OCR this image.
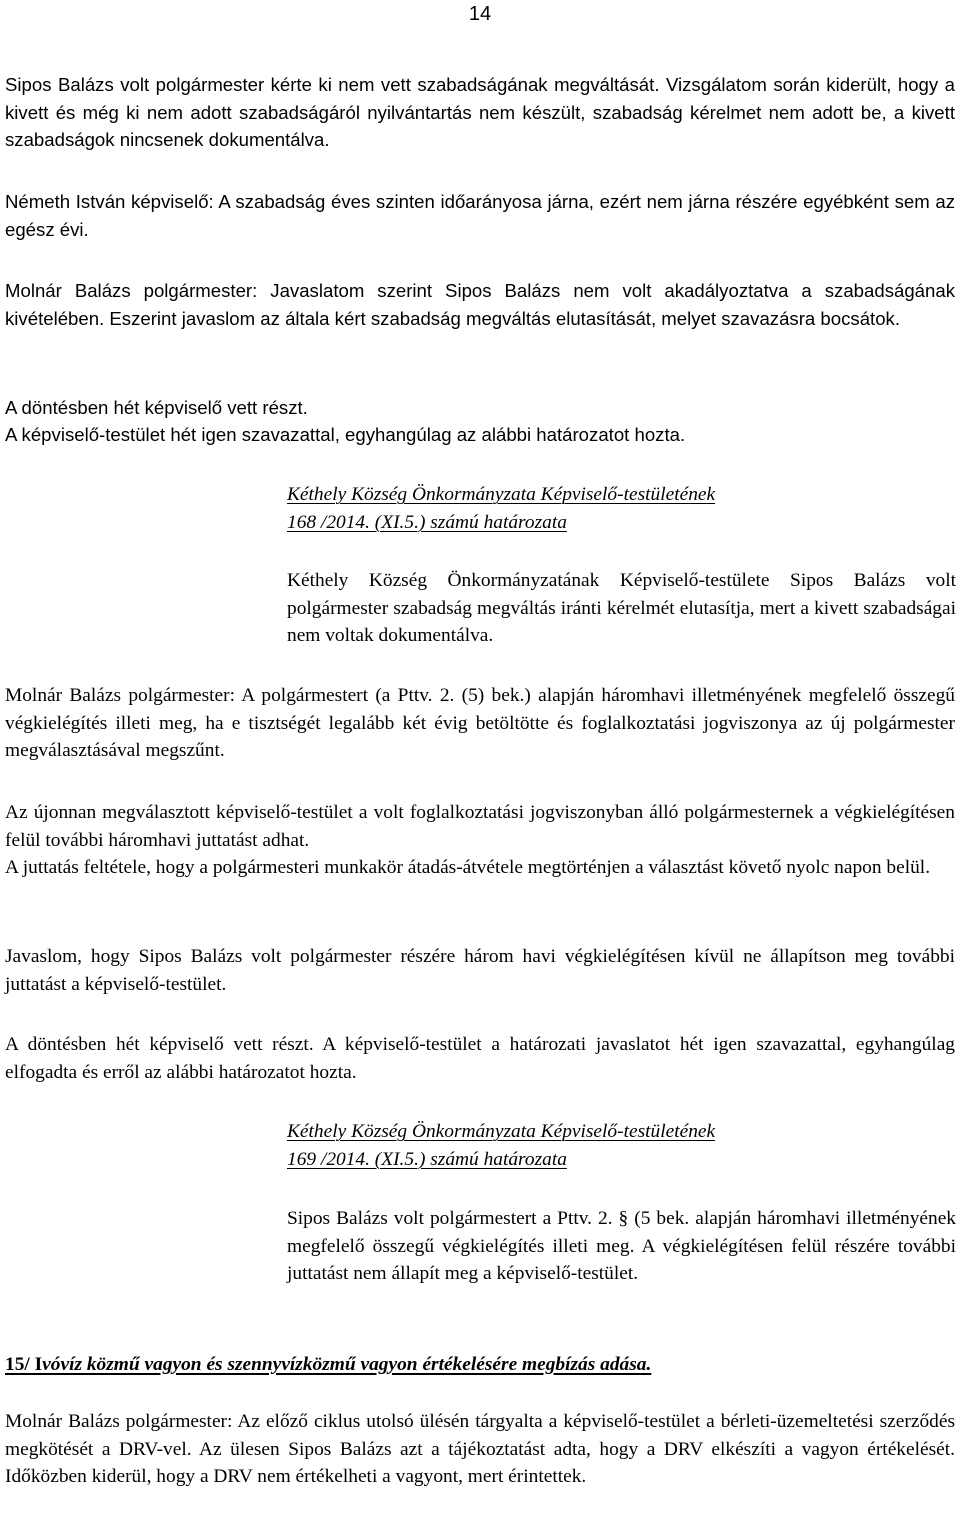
14

Sipos Balázs volt polgármester kérte ki nem vett szabadságának megváltását. Vizsgálatom során kiderült, hogy a kivett és még ki nem adott szabadságáról nyilvántartás nem készült, szabadság kérelmet nem adott be, a kivett szabadságok nincsenek dokumentálva.

Németh István képviselő: A szabadság éves szinten időarányosa járna, ezért nem járna részére egyébként sem az egész évi.

Molnár Balázs polgármester: Javaslatom szerint Sipos Balázs nem volt akadályoztatva a szabadságának kivételében. Eszerint javaslom az általa kért szabadság megváltás elutasítását, melyet szavazásra bocsátok.

A döntésben hét képviselő vett részt.

A képviselő-testület hét igen szavazattal, egyhangúlag az alábbi határozatot hozta.

Kéthely Község Önkormányzata Képviselő-testületének
168 /2014. (XI.5.) számú határozata

Kéthely Község Önkormányzatának Képviselő-testülete Sipos Balázs volt polgármester szabadság megváltás iránti kérelmét elutasítja, mert a kivett szabadságai nem voltak dokumentálva.

Molnár Balázs polgármester: A polgármestert (a Pttv. 2. (5) bek.) alapján háromhavi illetményének megfelelő összegű végkielégítés illeti meg, ha e tisztségét legalább két évig betöltötte és foglalkoztatási jogviszonya az új polgármester megválasztásával megszűnt.

Az újonnan megválasztott képviselő-testület a volt foglalkoztatási jogviszonyban álló polgármesternek a végkielégítésen felül további háromhavi juttatást adhat.

A juttatás feltétele, hogy a polgármesteri munkakör átadás-átvétele megtörténjen a választást követő nyolc napon belül.

Javaslom, hogy Sipos Balázs volt polgármester részére három havi végkielégítésen kívül ne állapítson meg további juttatást a képviselő-testület.

A döntésben hét képviselő vett részt. A képviselő-testület a határozati javaslatot hét igen szavazattal, egyhangúlag elfogadta és erről az alábbi határozatot hozta.

Kéthely Község Önkormányzata Képviselő-testületének
169 /2014. (XI.5.) számú határozata

Sipos Balázs volt polgármestert a Pttv. 2. § (5 bek. alapján háromhavi illetményének megfelelő összegű végkielégítés illeti meg. A végkielégítésen felül részére további juttatást nem állapít meg a képviselő-testület.

15/ Ivóvíz közmű vagyon és szennyvízközmű vagyon értékelésére megbízás adása.

Molnár Balázs polgármester: Az előző ciklus utolsó ülésén tárgyalta a képviselő-testület a bérleti-üzemeltetési szerződés megkötését a DRV-vel. Az ülesen Sipos Balázs azt a tájékoztatást adta, hogy a DRV elkészíti a vagyon értékelését. Időközben kiderül, hogy a DRV nem értékelheti a vagyont, mert érintettek.
